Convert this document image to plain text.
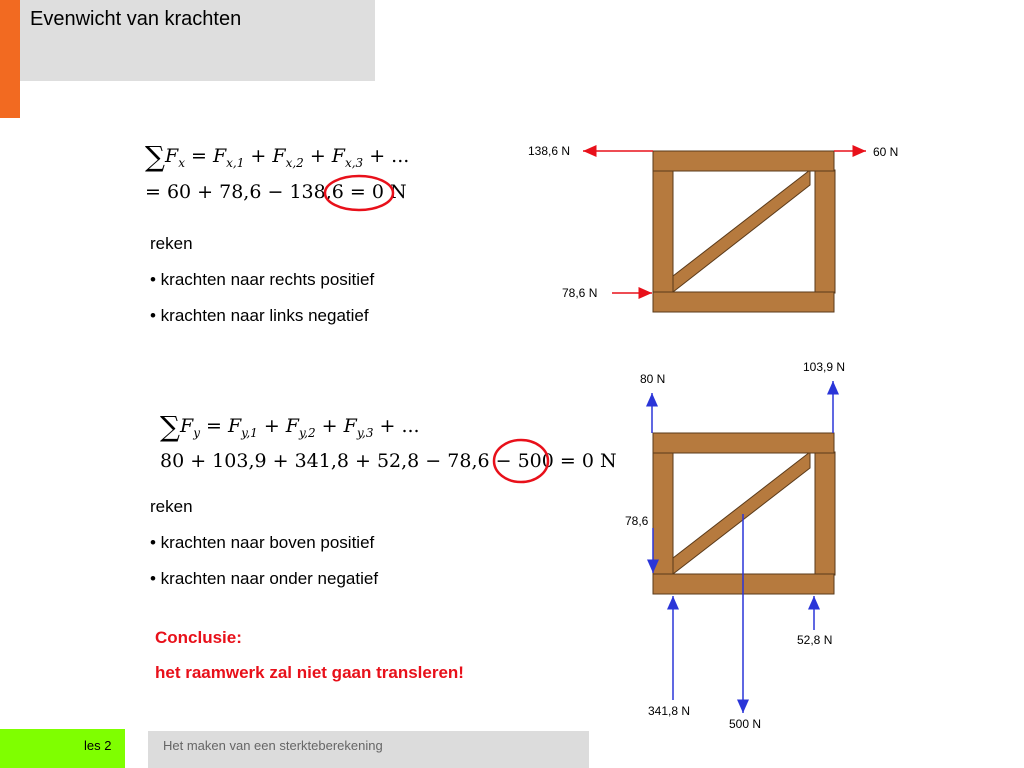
Evenwicht van krachten
$\sum F_x = F_{x,1} + F_{x,2} + F_{x,3}$ + ...
= 60 + 78,6 − 138,6 = 0 N
reken
• krachten naar rechts positief
• krachten naar links negatief
$\sum F_y = F_{y,1} + F_{y,2} + F_{y,3}$ + ...
80 + 103,9 + 341,8 + 52,8 − 78,6 − 500 = 0 N
reken
• krachten naar boven positief
• krachten naar onder negatief
Conclusie:
het raamwerk zal niet gaan transleren!
138,6 N	60 N
78,6 N
80 N
103,9 N
78,6
52,8 N
341,8 N
500 N
les 2	Het maken van een sterkteberekening
